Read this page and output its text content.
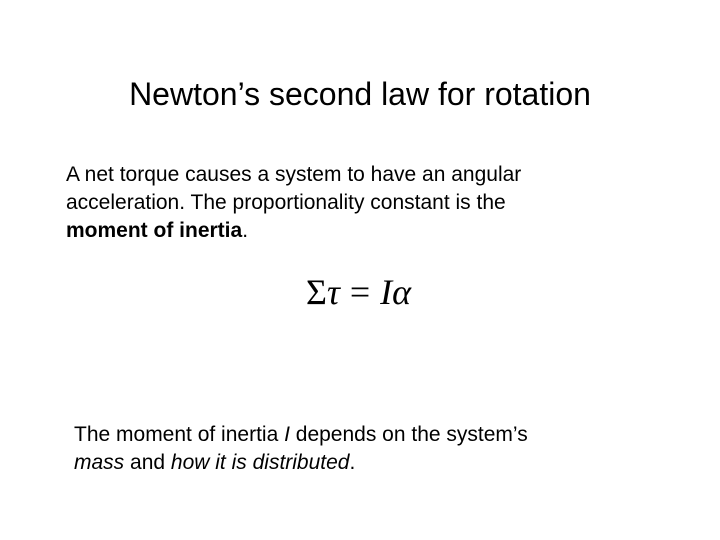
Newton’s second law for rotation

A net torque causes a system to have an angular
acceleration. The proportionality constant is the
moment of inertia.

Στ = Iα

The moment of inertia I depends on the system’s
mass and how it is distributed.
